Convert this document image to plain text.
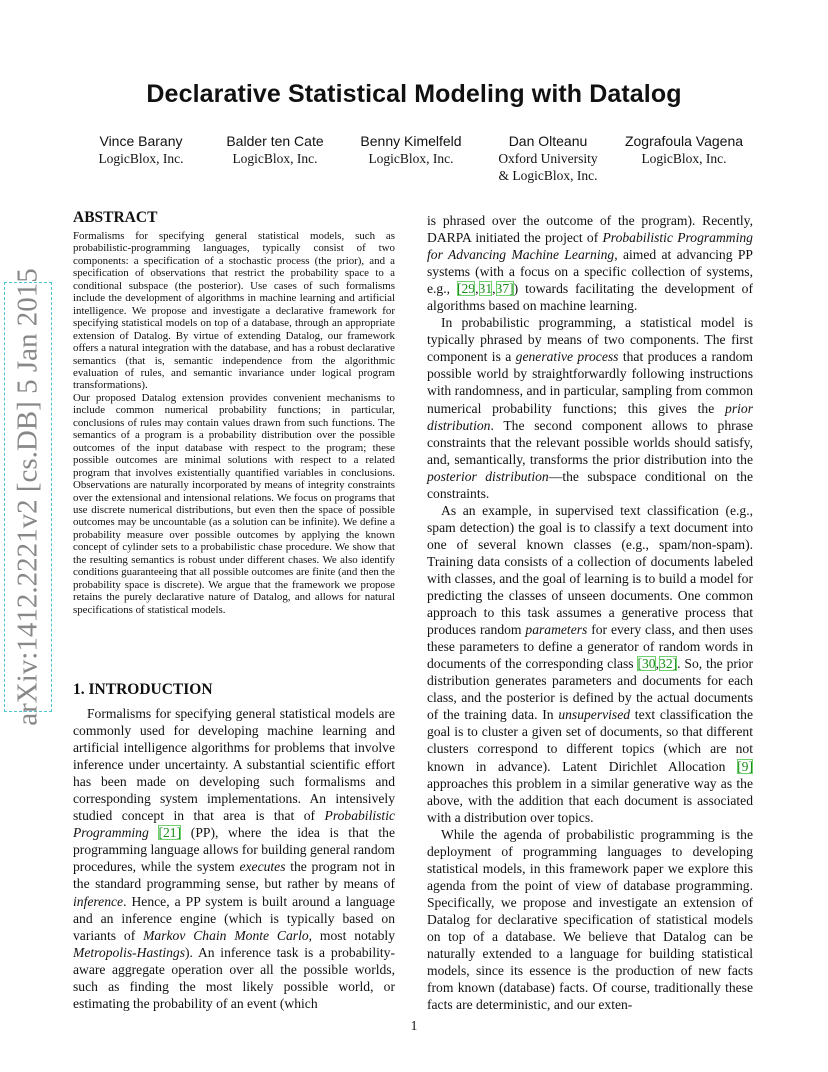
Declarative Statistical Modeling with Datalog
Vince Barany
LogicBlox, Inc.
Balder ten Cate
LogicBlox, Inc.
Benny Kimelfeld
LogicBlox, Inc.
Dan Olteanu
Oxford University
& LogicBlox, Inc.
Zografoula Vagena
LogicBlox, Inc.
arXiv:1412.2221v2 [cs.DB] 5 Jan 2015
ABSTRACT

Formalisms for specifying general statistical models, such as probabilistic-programming languages, typically consist of two components: a specification of a stochastic process (the prior), and a specification of observations that restrict the probability space to a conditional subspace (the posterior). Use cases of such formalisms include the development of algorithms in machine learning and artificial intelligence. We propose and investigate a declarative framework for specifying statistical models on top of a database, through an appropriate extension of Datalog. By virtue of extending Datalog, our framework offers a natural integration with the database, and has a robust declarative semantics (that is, semantic independence from the algorithmic evaluation of rules, and semantic invariance under logical program transformations).

Our proposed Datalog extension provides convenient mechanisms to include common numerical probability functions; in particular, conclusions of rules may contain values drawn from such functions. The semantics of a program is a probability distribution over the possible outcomes of the input database with respect to the program; these possible outcomes are minimal solutions with respect to a related program that involves existentially quantified variables in conclusions. Observations are naturally incorporated by means of integrity constraints over the extensional and intensional relations. We focus on programs that use discrete numerical distributions, but even then the space of possible outcomes may be uncountable (as a solution can be infinite). We define a probability measure over possible outcomes by applying the known concept of cylinder sets to a probabilistic chase procedure. We show that the resulting semantics is robust under different chases. We also identify conditions guaranteeing that all possible outcomes are finite (and then the probability space is discrete). We argue that the framework we propose retains the purely declarative nature of Datalog, and allows for natural specifications of statistical models.

1. INTRODUCTION

Formalisms for specifying general statistical models are commonly used for developing machine learning and artificial intelligence algorithms for problems that involve inference under uncertainty. A substantial scientific effort has been made on developing such formalisms and corresponding system implementations. An intensively studied concept in that area is that of Probabilistic Programming [21] (PP), where the idea is that the programming language allows for building general random procedures, while the system executes the program not in the standard programming sense, but rather by means of inference. Hence, a PP system is built around a language and an inference engine (which is typically based on variants of Markov Chain Monte Carlo, most notably Metropolis-Hastings). An inference task is a probability-aware aggregate operation over all the possible worlds, such as finding the most likely possible world, or estimating the probability of an event (which

is phrased over the outcome of the program). Recently, DARPA initiated the project of Probabilistic Programming for Advancing Machine Learning, aimed at advancing PP systems (with a focus on a specific collection of systems, e.g., [29,31,37]) towards facilitating the development of algorithms based on machine learning.

In probabilistic programming, a statistical model is typically phrased by means of two components. The first component is a generative process that produces a random possible world by straightforwardly following instructions with randomness, and in particular, sampling from common numerical probability functions; this gives the prior distribution. The second component allows to phrase constraints that the relevant possible worlds should satisfy, and, semantically, transforms the prior distribution into the posterior distribution—the subspace conditional on the constraints.

As an example, in supervised text classification (e.g., spam detection) the goal is to classify a text document into one of several known classes (e.g., spam/non-spam). Training data consists of a collection of documents labeled with classes, and the goal of learning is to build a model for predicting the classes of unseen documents. One common approach to this task assumes a generative process that produces random parameters for every class, and then uses these parameters to define a generator of random words in documents of the corresponding class [30,32]. So, the prior distribution generates parameters and documents for each class, and the posterior is defined by the actual documents of the training data. In unsupervised text classification the goal is to cluster a given set of documents, so that different clusters correspond to different topics (which are not known in advance). Latent Dirichlet Allocation [9] approaches this problem in a similar generative way as the above, with the addition that each document is associated with a distribution over topics.

While the agenda of probabilistic programming is the deployment of programming languages to developing statistical models, in this framework paper we explore this agenda from the point of view of database programming. Specifically, we propose and investigate an extension of Datalog for declarative specification of statistical models on top of a database. We believe that Datalog can be naturally extended to a language for building statistical models, since its essence is the production of new facts from known (database) facts. Of course, traditionally these facts are deterministic, and our exten-

1
